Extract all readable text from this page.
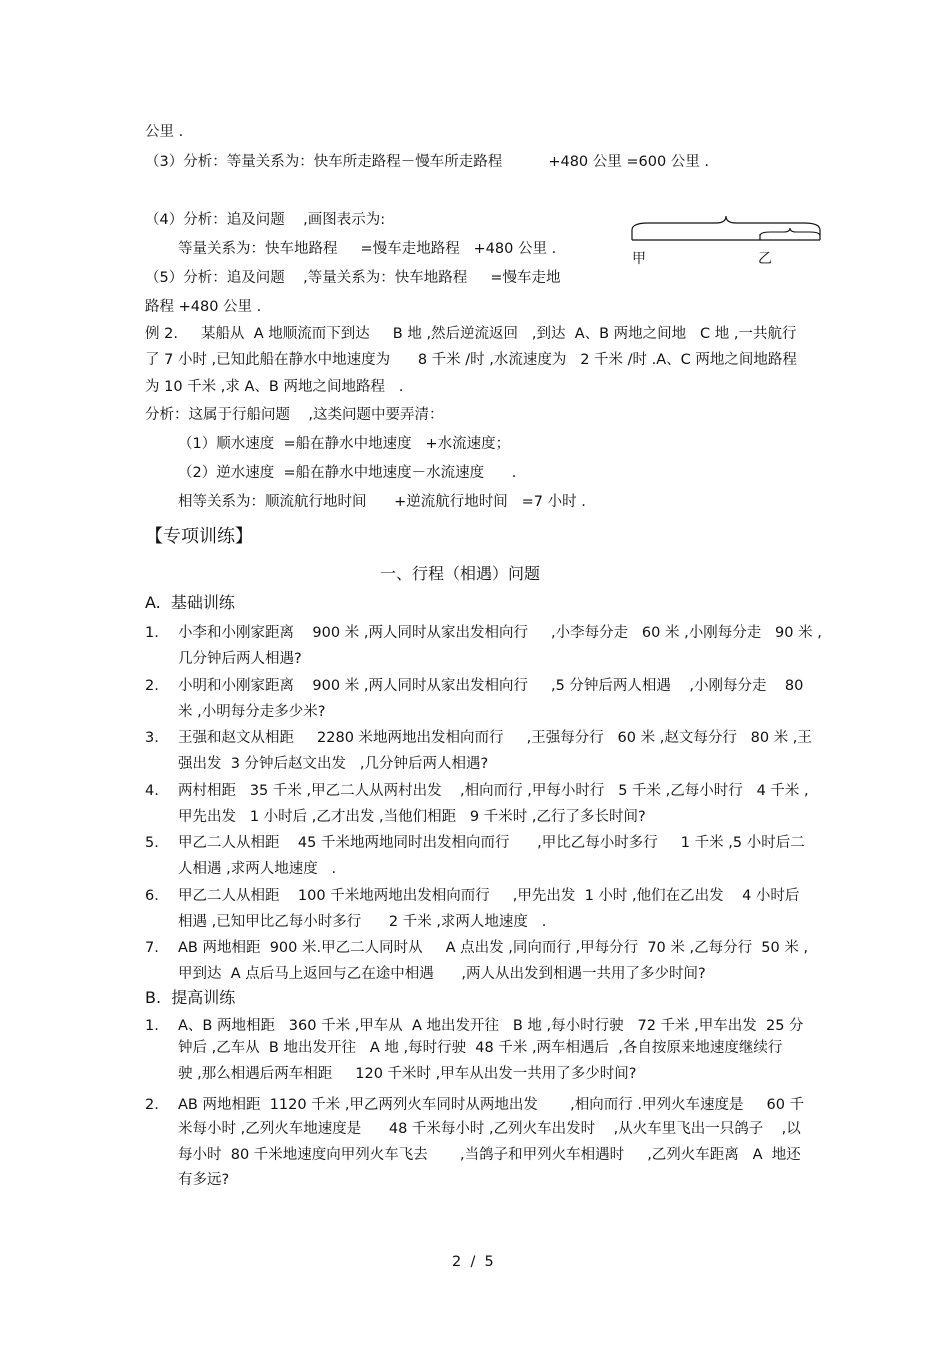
公里 .
（3）分析：等量关系为：快车所走路程－慢车所走路程          +480 公里 =600 公里 .
（4）分析：追及问题    ,画图表示为:
等量关系为：快车地路程     =慢车走地路程   +480 公里 .
（5）分析：追及问题    ,等量关系为：快车地路程     =慢车走地
路程 +480 公里 .
例 2.     某船从  A 地顺流而下到达     B 地 ,然后逆流返回   ,到达  A、B 两地之间地   C 地 ,一共航行
了 7 小时 ,已知此船在静水中地速度为      8 千米 /时 ,水流速度为   2 千米 /时 .A、C 两地之间地路程
为 10 千米 ,求 A、B 两地之间地路程   .
分析：这属于行船问题    ,这类问题中要弄清：
（1）顺水速度  =船在静水中地速度   +水流速度；
（2）逆水速度  =船在静水中地速度－水流速度      .
相等关系为：顺流航行地时间      +逆流航行地时间   =7 小时 .
甲	乙
【专项训练】
一、行程（相遇）问题
A.  基础训练
1. 小李和小刚家距离    900 米 ,两人同时从家出发相向行     ,小李每分走   60 米 ,小刚每分走   90 米 ,
几分钟后两人相遇?
2. 小明和小刚家距离    900 米 ,两人同时从家出发相向行     ,5 分钟后两人相遇    ,小刚每分走    80
米 ,小明每分走多少米?
3. 王强和赵文从相距     2280 米地两地出发相向而行     ,王强每分行   60 米 ,赵文每分行   80 米 ,王
强出发  3 分钟后赵文出发   ,几分钟后两人相遇?
4. 两村相距   35 千米 ,甲乙二人从两村出发    ,相向而行 ,甲每小时行   5 千米 ,乙每小时行   4 千米 ,
甲先出发   1 小时后 ,乙才出发 ,当他们相距   9 千米时 ,乙行了多长时间?
5. 甲乙二人从相距    45 千米地两地同时出发相向而行      ,甲比乙每小时多行     1 千米 ,5 小时后二
人相遇 ,求两人地速度   .
6. 甲乙二人从相距    100 千米地两地出发相向而行     ,甲先出发  1 小时 ,他们在乙出发    4 小时后
相遇 ,已知甲比乙每小时多行      2 千米 ,求两人地速度   .
7. AB 两地相距  900 米.甲乙二人同时从     A 点出发 ,同向而行 ,甲每分行  70 米 ,乙每分行  50 米 ,
甲到达  A 点后马上返回与乙在途中相遇      ,两人从出发到相遇一共用了多少时间?
B.  提高训练
1. A、B 两地相距   360 千米 ,甲车从  A 地出发开往   B 地 ,每小时行驶   72 千米 ,甲车出发  25 分
钟后 ,乙车从  B 地出发开往   A 地 ,每时行驶  48 千米 ,两车相遇后  ,各自按原来地速度继续行
驶 ,那么相遇后两车相距     120 千米时 ,甲车从出发一共用了多少时间?
2. AB 两地相距  1120 千米 ,甲乙两列火车同时从两地出发       ,相向而行 .甲列火车速度是     60 千
米每小时 ,乙列火车地速度是      48 千米每小时 ,乙列火车出发时    ,从火车里飞出一只鸽子    ,以
每小时  80 千米地速度向甲列火车飞去       ,当鸽子和甲列火车相遇时     ,乙列火车距离   A  地还
有多远?
2  /  5
